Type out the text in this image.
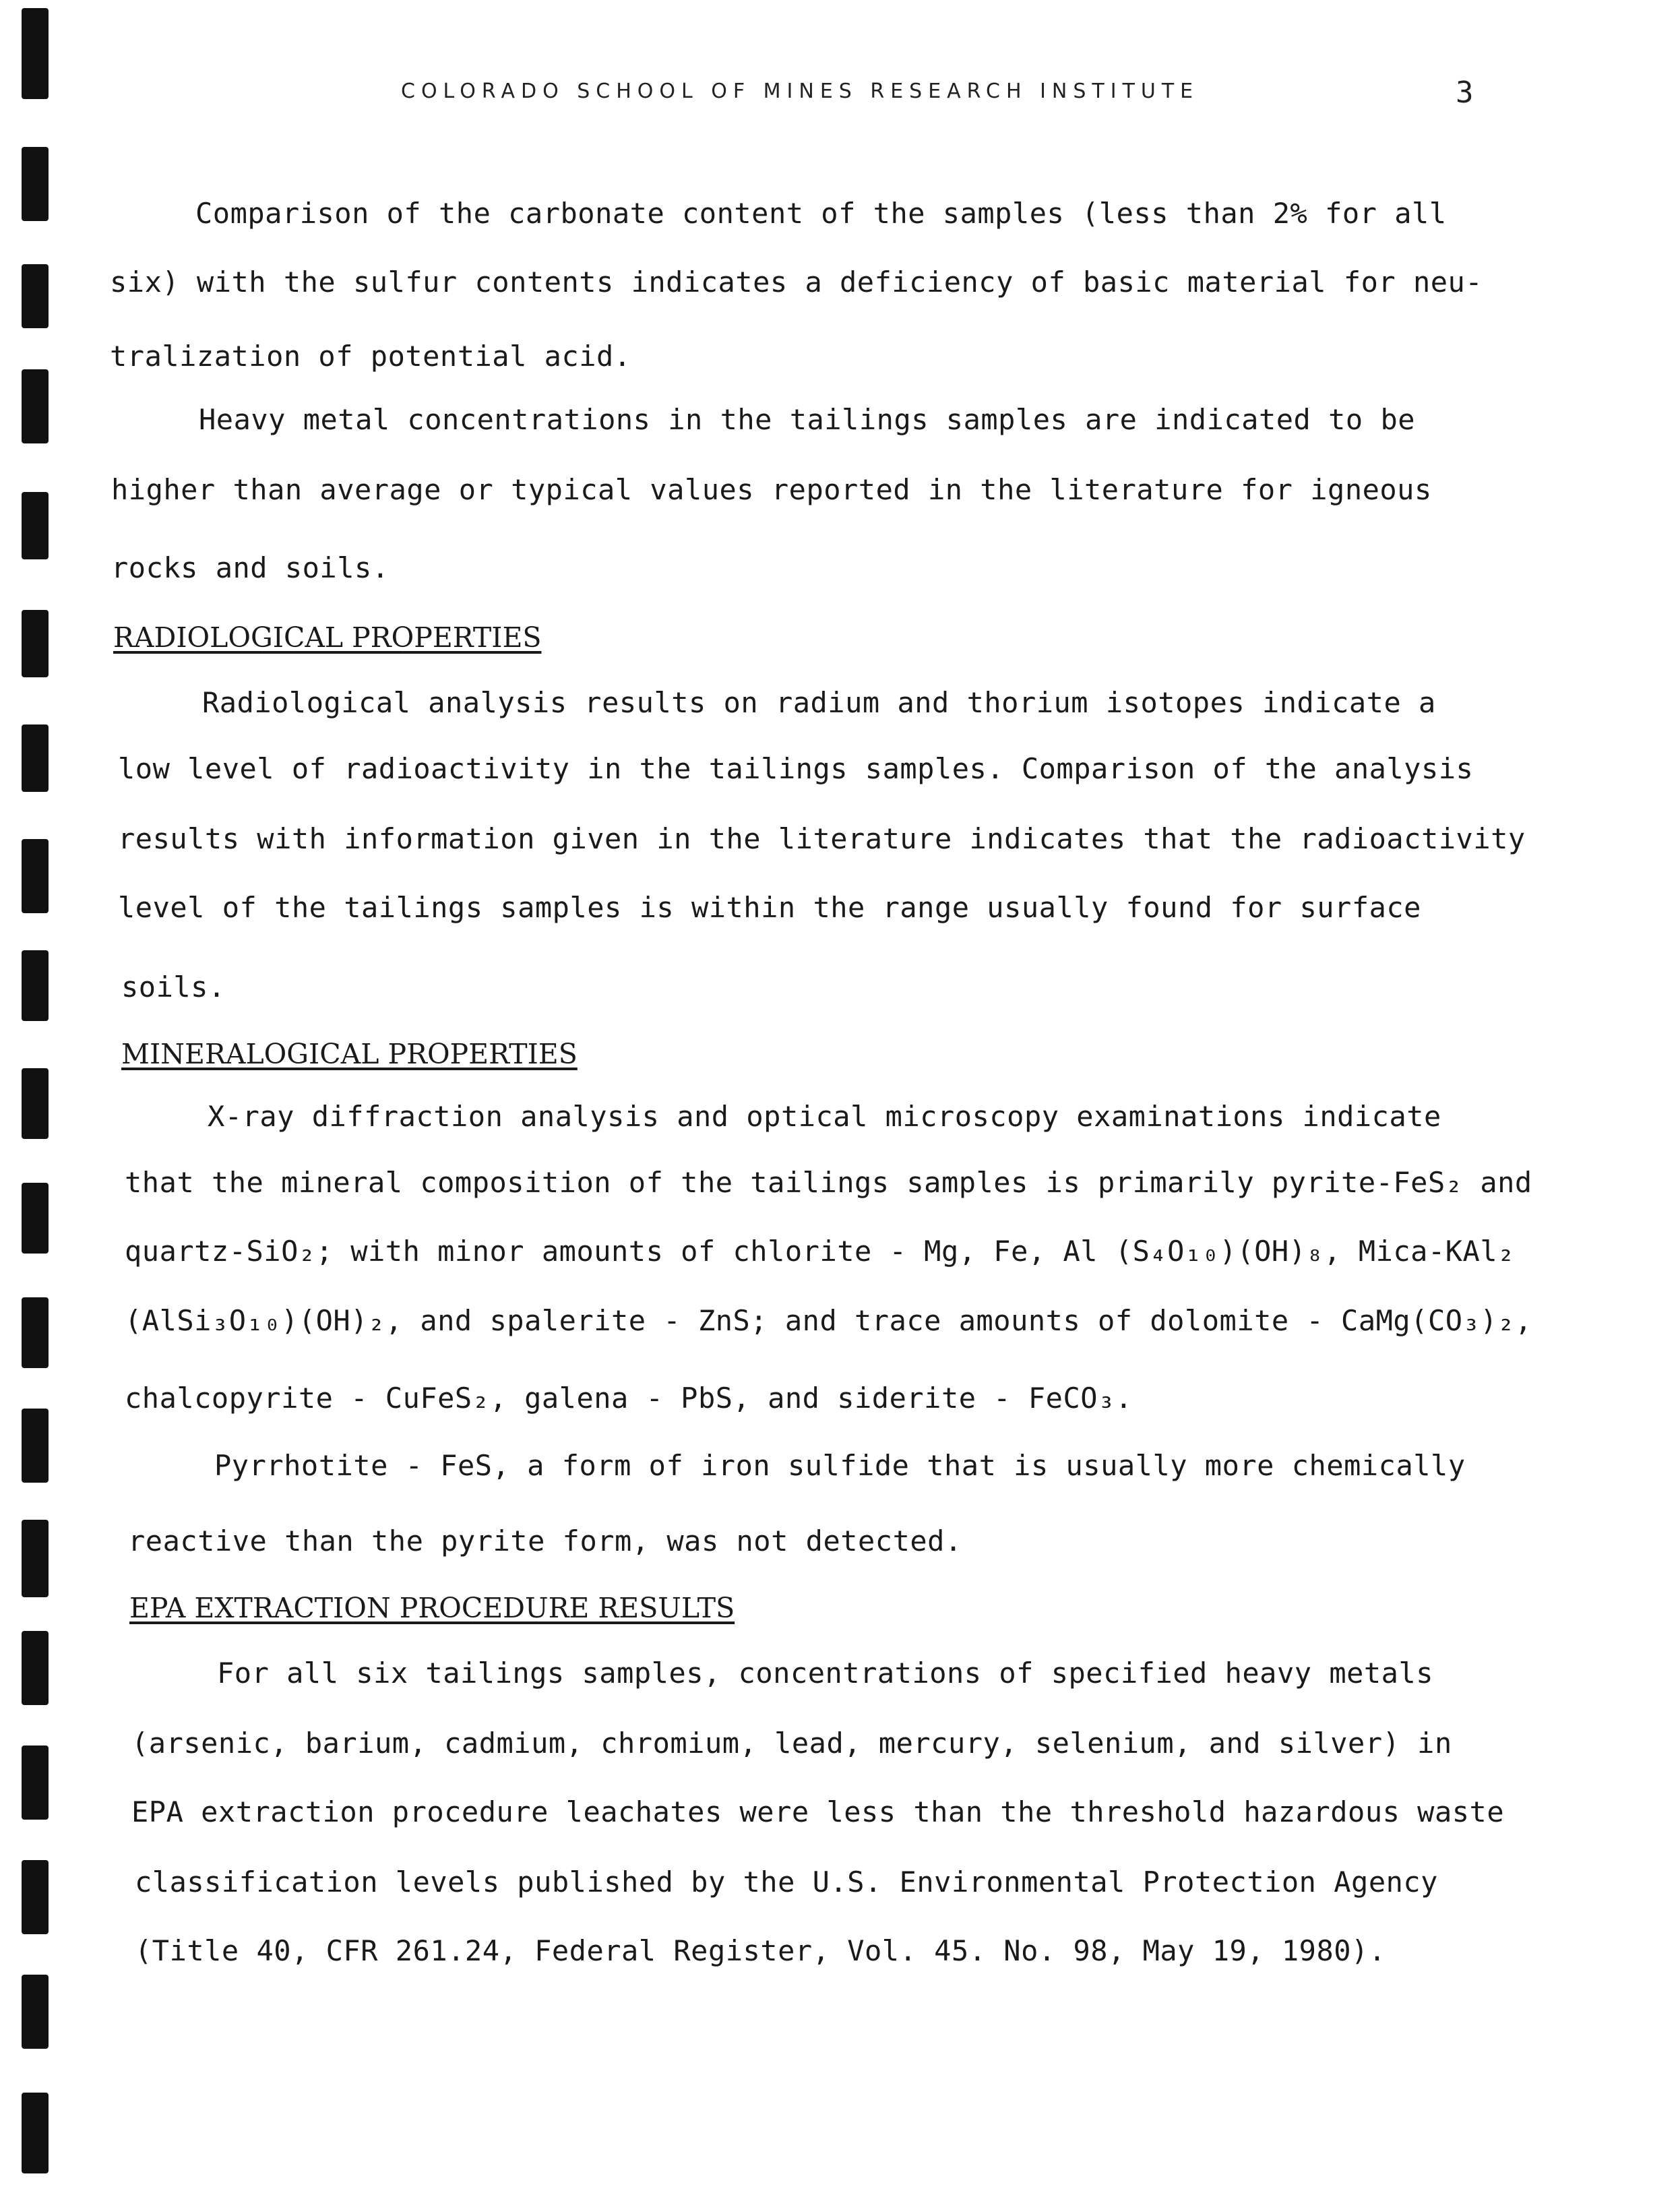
COLORADO SCHOOL OF MINES RESEARCH INSTITUTE	3
Comparison of the carbonate content of the samples (less than 2% for all
six) with the sulfur contents indicates a deficiency of basic material for neu-
tralization of potential acid.
Heavy metal concentrations in the tailings samples are indicated to be
higher than average or typical values reported in the literature for igneous
rocks and soils.
RADIOLOGICAL PROPERTIES
Radiological analysis results on radium and thorium isotopes indicate a
low level of radioactivity in the tailings samples. Comparison of the analysis
results with information given in the literature indicates that the radioactivity
level of the tailings samples is within the range usually found for surface
soils.
MINERALOGICAL PROPERTIES
X-ray diffraction analysis and optical microscopy examinations indicate
that the mineral composition of the tailings samples is primarily pyrite-FeS₂ and
quartz-SiO₂; with minor amounts of chlorite - Mg, Fe, Al (S₄O₁₀)(OH)₈, Mica-KAl₂
(AlSi₃O₁₀)(OH)₂, and spalerite - ZnS; and trace amounts of dolomite - CaMg(CO₃)₂,
chalcopyrite - CuFeS₂, galena - PbS, and siderite - FeCO₃.
Pyrrhotite - FeS, a form of iron sulfide that is usually more chemically
reactive than the pyrite form, was not detected.
EPA EXTRACTION PROCEDURE RESULTS
For all six tailings samples, concentrations of specified heavy metals
(arsenic, barium, cadmium, chromium, lead, mercury, selenium, and silver) in
EPA extraction procedure leachates were less than the threshold hazardous waste
classification levels published by the U.S. Environmental Protection Agency
(Title 40, CFR 261.24, Federal Register, Vol. 45. No. 98, May 19, 1980).
